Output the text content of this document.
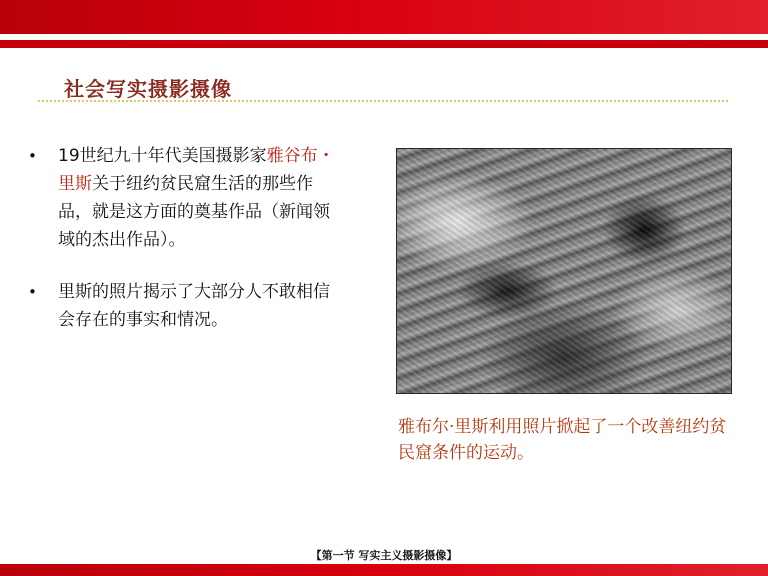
社会写实摄影摄像
• 19世纪九十年代美国摄影家雅谷布・里斯关于纽约贫民窟生活的那些作品，就是这方面的奠基作品（新闻领域的杰出作品）。
• 里斯的照片揭示了大部分人不敢相信会存在的事实和情况。
雅布尔·里斯利用照片掀起了一个改善纽约贫民窟条件的运动。
【第一节 写实主义摄影摄像】
